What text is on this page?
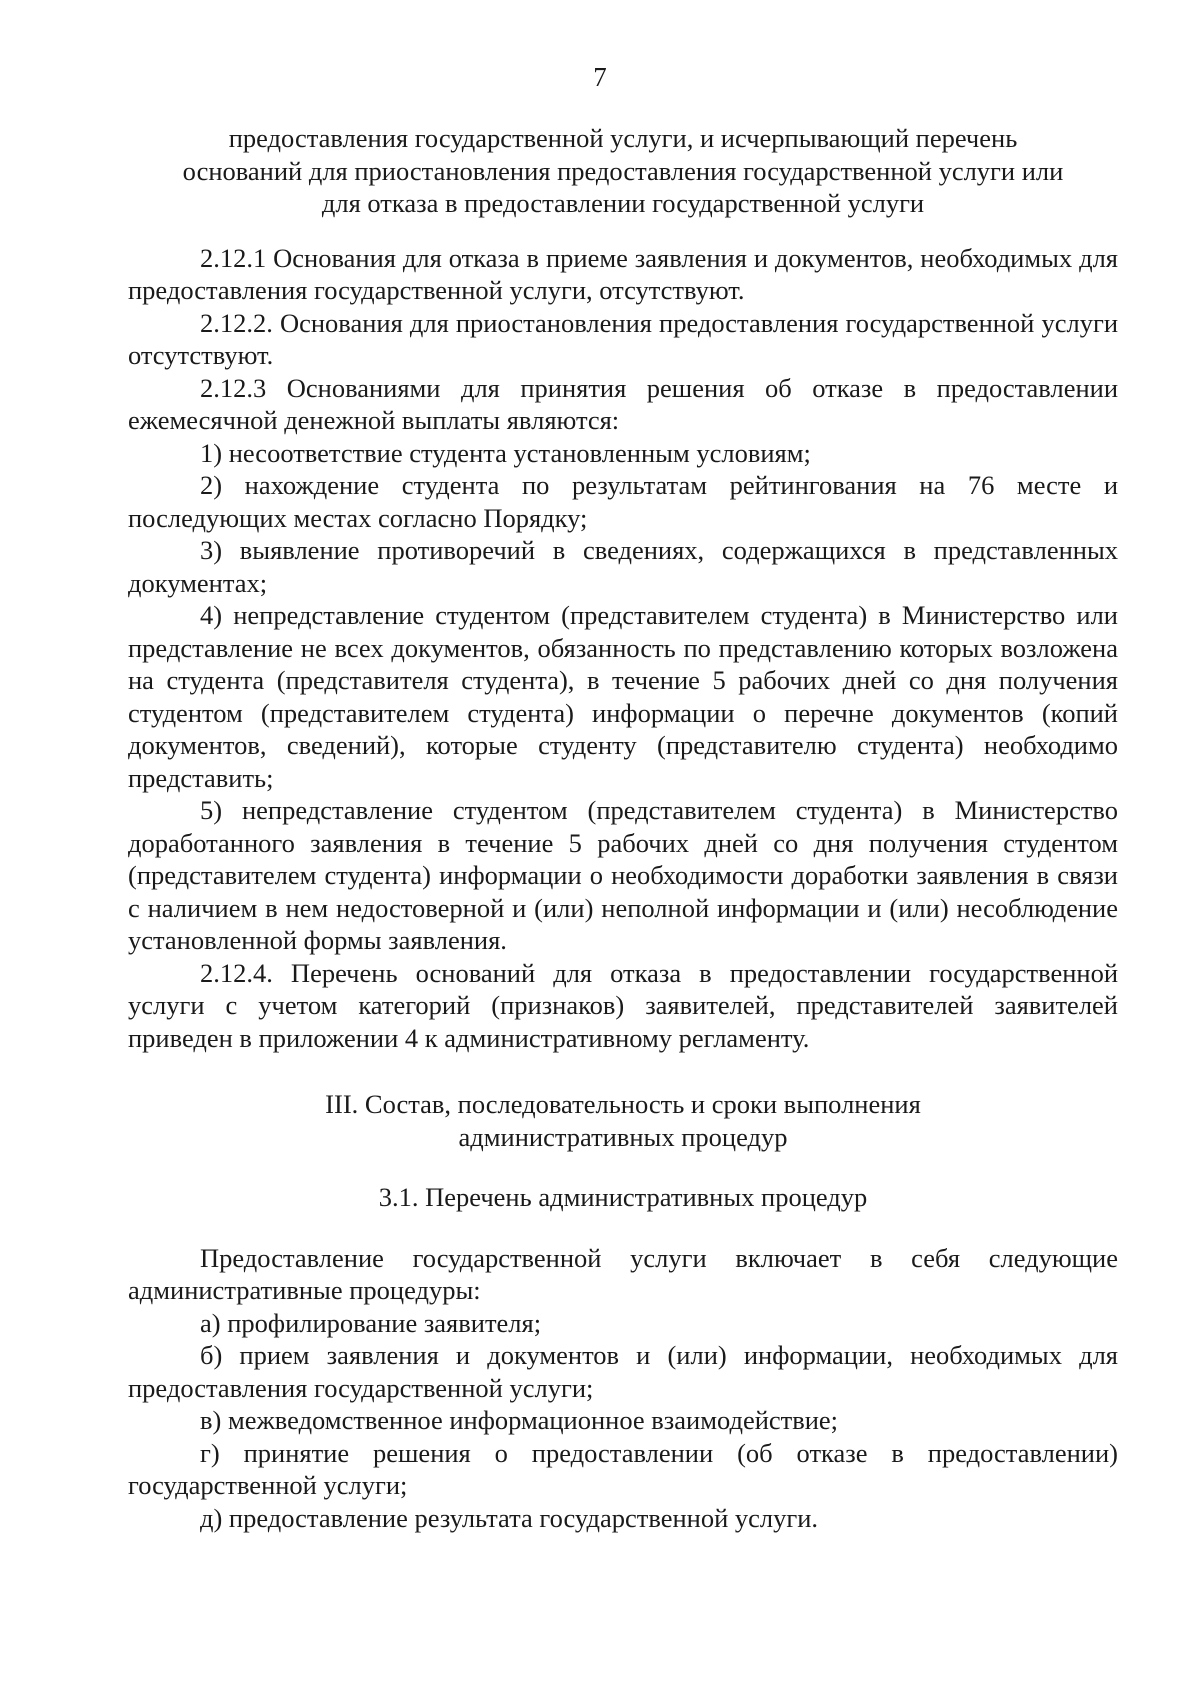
7
предоставления государственной услуги, и исчерпывающий перечень
оснований для приостановления предоставления государственной услуги или
для отказа в предоставлении государственной услуги

2.12.1 Основания для отказа в приеме заявления и документов, необходимых для предоставления государственной услуги, отсутствуют.

2.12.2. Основания для приостановления предоставления государственной услуги отсутствуют.

2.12.3 Основаниями для принятия решения об отказе в предоставлении ежемесячной денежной выплаты являются:

1) несоответствие студента установленным условиям;

2) нахождение студента по результатам рейтингования на 76 месте и последующих местах согласно Порядку;

3) выявление противоречий в сведениях, содержащихся в представленных документах;

4) непредставление студентом (представителем студента) в Министерство или представление не всех документов, обязанность по представлению которых возложена на студента (представителя студента), в течение 5 рабочих дней со дня получения студентом (представителем студента) информации о перечне документов (копий документов, сведений), которые студенту (представителю студента) необходимо представить;

5) непредставление студентом (представителем студента) в Министерство доработанного заявления в течение 5 рабочих дней со дня получения студентом (представителем студента) информации о необходимости доработки заявления в связи с наличием в нем недостоверной и (или) неполной информации и (или) несоблюдение установленной формы заявления.

2.12.4. Перечень оснований для отказа в предоставлении государственной услуги с учетом категорий (признаков) заявителей, представителей заявителей приведен в приложении 4 к административному регламенту.

III. Состав, последовательность и сроки выполнения
административных процедур
3.1. Перечень административных процедур

Предоставление государственной услуги включает в себя следующие административные процедуры:

а) профилирование заявителя;

б) прием заявления и документов и (или) информации, необходимых для предоставления государственной услуги;

в) межведомственное информационное взаимодействие;

г) принятие решения о предоставлении (об отказе в предоставлении) государственной услуги;

д) предоставление результата государственной услуги.
